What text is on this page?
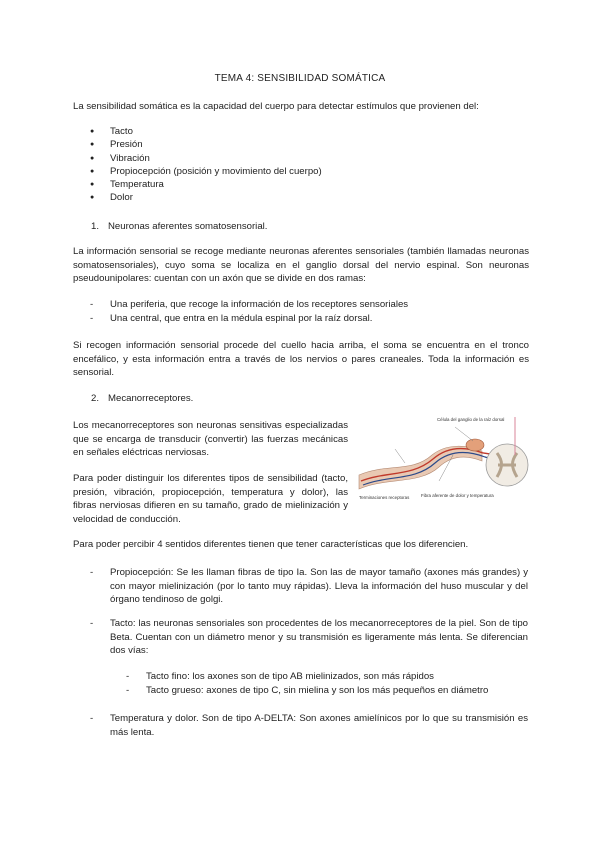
TEMA 4: SENSIBILIDAD SOMÁTICA
La sensibilidad somática es la capacidad del cuerpo para detectar estímulos que provienen del:
● Tacto
● Presión
● Vibración
● Propiocepción (posición y movimiento del cuerpo)
● Temperatura
● Dolor
1. Neuronas aferentes somatosensorial.
La información sensorial se recoge mediante neuronas aferentes sensoriales (también llamadas neuronas somatosensoriales), cuyo soma se localiza en el ganglio dorsal del nervio espinal. Son neuronas pseudounipolares: cuentan con un axón que se divide en dos ramas:
- Una periferia, que recoge la información de los receptores sensoriales
- Una central, que entra en la médula espinal por la raíz dorsal.
Si recogen información sensorial procede del cuello hacia arriba, el soma se encuentra en el tronco encefálico, y esta información entra a través de los nervios o pares craneales. Toda la información es sensorial.
2. Mecanorreceptores.
Los mecanorreceptores son neuronas sensitivas especializadas que se encarga de transducir (convertir) las fuerzas mecánicas en señales eléctricas nerviosas.
Para poder distinguir los diferentes tipos de sensibilidad (tacto, presión, vibración, propiocepción, temperatura y dolor), las fibras nerviosas difieren en su tamaño, grado de mielinización y velocidad de conducción.
Célula del ganglio de la raíz dorsal
Terminaciones receptoras	Fibra aferente de dolor y temperatura
Para poder percibir 4 sentidos diferentes tienen que tener características que los diferencien.
- Propiocepción: Se les llaman fibras de tipo Ia. Son las de mayor tamaño (axones más grandes) y con mayor mielinización (por lo tanto muy rápidas). Lleva la información del huso muscular y del órgano tendinoso de golgi.
- Tacto: las neuronas sensoriales son procedentes de los mecanorreceptores de la piel. Son de tipo Beta. Cuentan con un diámetro menor y su transmisión es ligeramente más lenta. Se diferencian dos vías:
- Tacto fino: los axones son de tipo AB mielinizados, son más rápidos
- Tacto grueso: axones de tipo C, sin mielina y son los más pequeños en diámetro
- Temperatura y dolor. Son de tipo A-DELTA: Son axones amielínicos por lo que su transmisión es más lenta.
